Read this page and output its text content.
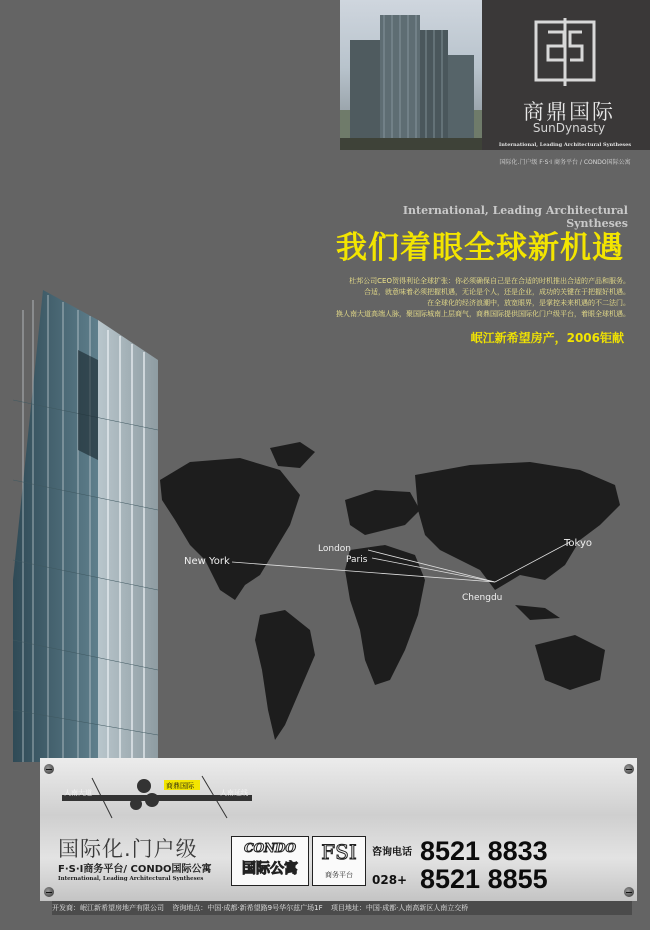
商鼎国际
SunDynasty
International, Leading Architectural Syntheses
国际化.门户级 F·S·I 商务平台 / CONDO国际公寓
International, Leading Architectural Syntheses
我们着眼全球新机遇
杜邦公司CEO贺得利论全球扩张：你必须确保自己是在合适的时机推出合适的产品和服务。
合适，就意味着必须把握机遇，无论是个人，还是企业，成功的关键在于把握好机遇。
在全球化的经济浪潮中，放宽眼界，是掌控未来机遇的不二法门。
换人南大道高端人脉，聚国际城南上层商气，商鼎国际提供国际化门户级平台，着眼全球机遇。
岷江新希望房产，2006钜献
New York
London
Paris
Tokyo
Chengdu
商鼎国际
人南大道	人南延线
国际化.门户级
F·S·I商务平台/ CONDO国际公寓
International, Leading Architectural Syntheses
CONDO
国际公寓
FSI
商务平台
咨询电话
028+
8521 8833
8521 8855
开发商：岷江新希望房地产有限公司 咨询地点：中国·成都·新希望路9号华尔兹广场1F 项目地址：中国·成都·人南高新区人南立交桥
